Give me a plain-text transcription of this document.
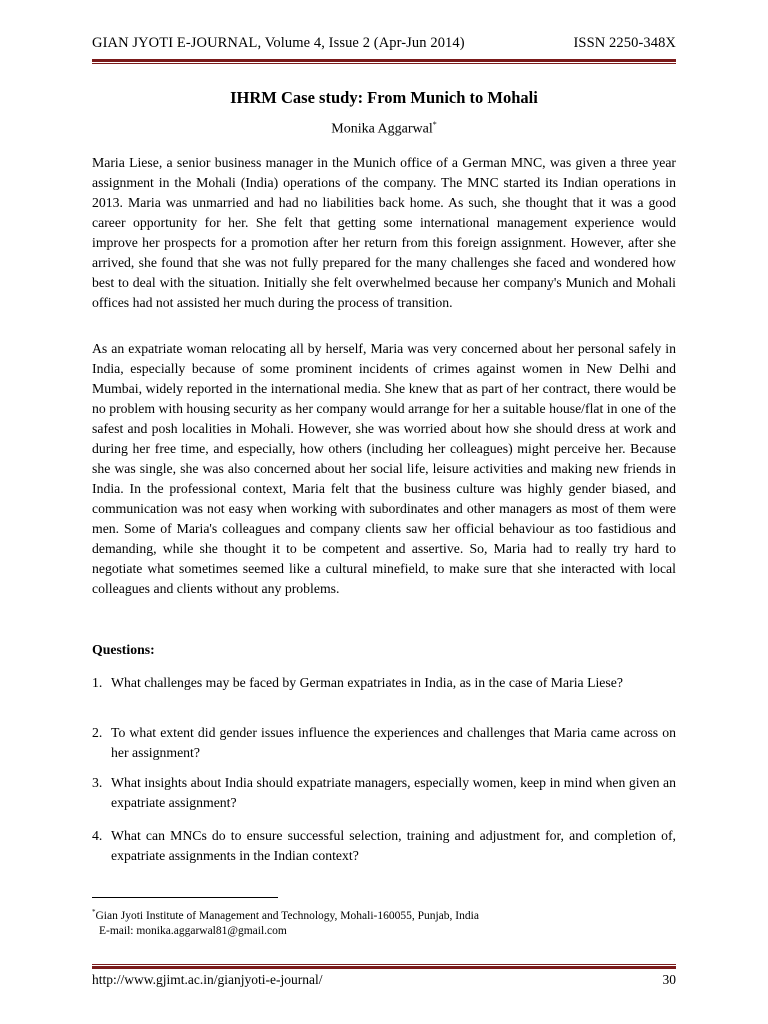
GIAN JYOTI E-JOURNAL, Volume 4, Issue 2 (Apr-Jun 2014)	ISSN 2250-348X
IHRM Case study: From Munich to Mohali
Monika Aggarwal*

Maria Liese, a senior business manager in the Munich office of a German MNC, was given a three year assignment in the Mohali (India) operations of the company. The MNC started its Indian operations in 2013. Maria was unmarried and had no liabilities back home. As such, she thought that it was a good career opportunity for her. She felt that getting some international management experience would improve her prospects for a promotion after her return from this foreign assignment. However, after she arrived, she found that she was not fully prepared for the many challenges she faced and wondered how best to deal with the situation. Initially she felt overwhelmed because her company's Munich and Mohali offices had not assisted her much during the process of transition.

As an expatriate woman relocating all by herself, Maria was very concerned about her personal safely in India, especially because of some prominent incidents of crimes against women in New Delhi and Mumbai, widely reported in the international media. She knew that as part of her contract, there would be no problem with housing security as her company would arrange for her a suitable house/flat in one of the safest and posh localities in Mohali. However, she was worried about how she should dress at work and during her free time, and especially, how others (including her colleagues) might perceive her. Because she was single, she was also concerned about her social life, leisure activities and making new friends in India. In the professional context, Maria felt that the business culture was highly gender biased, and communication was not easy when working with subordinates and other managers as most of them were men. Some of Maria's colleagues and company clients saw her official behaviour as too fastidious and demanding, while she thought it to be competent and assertive. So, Maria had to really try hard to negotiate what sometimes seemed like a cultural minefield, to make sure that she interacted with local colleagues and clients without any problems.

Questions:
1. What challenges may be faced by German expatriates in India, as in the case of Maria Liese?
2. To what extent did gender issues influence the experiences and challenges that Maria came across on her assignment?
3. What insights about India should expatriate managers, especially women, keep in mind when given an expatriate assignment?
4. What can MNCs do to ensure successful selection, training and adjustment for, and completion of, expatriate assignments in the Indian context?
*Gian Jyoti Institute of Management and Technology, Mohali-160055, Punjab, India
E-mail: monika.aggarwal81@gmail.com
http://www.gjimt.ac.in/gianjyoti-e-journal/	30
